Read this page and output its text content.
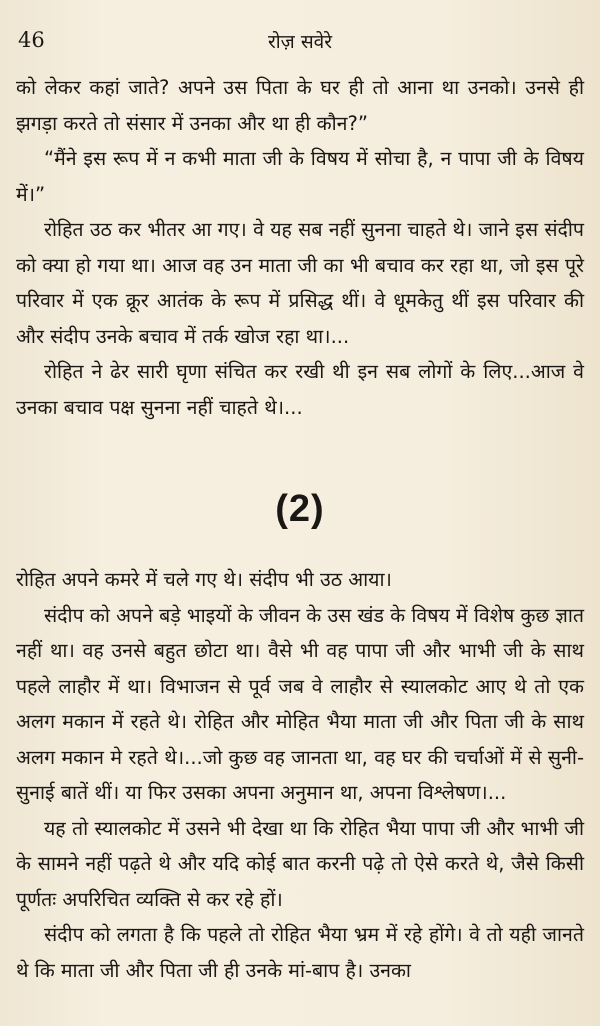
46	रोज़ सवेरे

को लेकर कहां जाते? अपने उस पिता के घर ही तो आना था उनको। उनसे ही झगड़ा करते तो संसार में उनका और था ही कौन?”

“मैंने इस रूप में न कभी माता जी के विषय में सोचा है, न पापा जी के विषय में।”

रोहित उठ कर भीतर आ गए। वे यह सब नहीं सुनना चाहते थे। जाने इस संदीप को क्या हो गया था। आज वह उन माता जी का भी बचाव कर रहा था, जो इस पूरे परिवार में एक क्रूर आतंक के रूप में प्रसिद्ध थीं। वे धूमकेतु थीं इस परिवार की और संदीप उनके बचाव में तर्क खोज रहा था।...

रोहित ने ढेर सारी घृणा संचित कर रखी थी इन सब लोगों के लिए...आज वे उनका बचाव पक्ष सुनना नहीं चाहते थे।...

(2)

रोहित अपने कमरे में चले गए थे। संदीप भी उठ आया।

संदीप को अपने बड़े भाइयों के जीवन के उस खंड के विषय में विशेष कुछ ज्ञात नहीं था। वह उनसे बहुत छोटा था। वैसे भी वह पापा जी और भाभी जी के साथ पहले लाहौर में था। विभाजन से पूर्व जब वे लाहौर से स्यालकोट आए थे तो एक अलग मकान में रहते थे। रोहित और मोहित भैया माता जी और पिता जी के साथ अलग मकान मे रहते थे।...जो कुछ वह जानता था, वह घर की चर्चाओं में से सुनी-सुनाई बातें थीं। या फिर उसका अपना अनुमान था, अपना विश्लेषण।...

यह तो स्यालकोट में उसने भी देखा था कि रोहित भैया पापा जी और भाभी जी के सामने नहीं पढ़ते थे और यदि कोई बात करनी पढ़े तो ऐसे करते थे, जैसे किसी पूर्णतः अपरिचित व्यक्ति से कर रहे हों।

संदीप को लगता है कि पहले तो रोहित भैया भ्रम में रहे होंगे। वे तो यही जानते थे कि माता जी और पिता जी ही उनके मां-बाप है। उनका
